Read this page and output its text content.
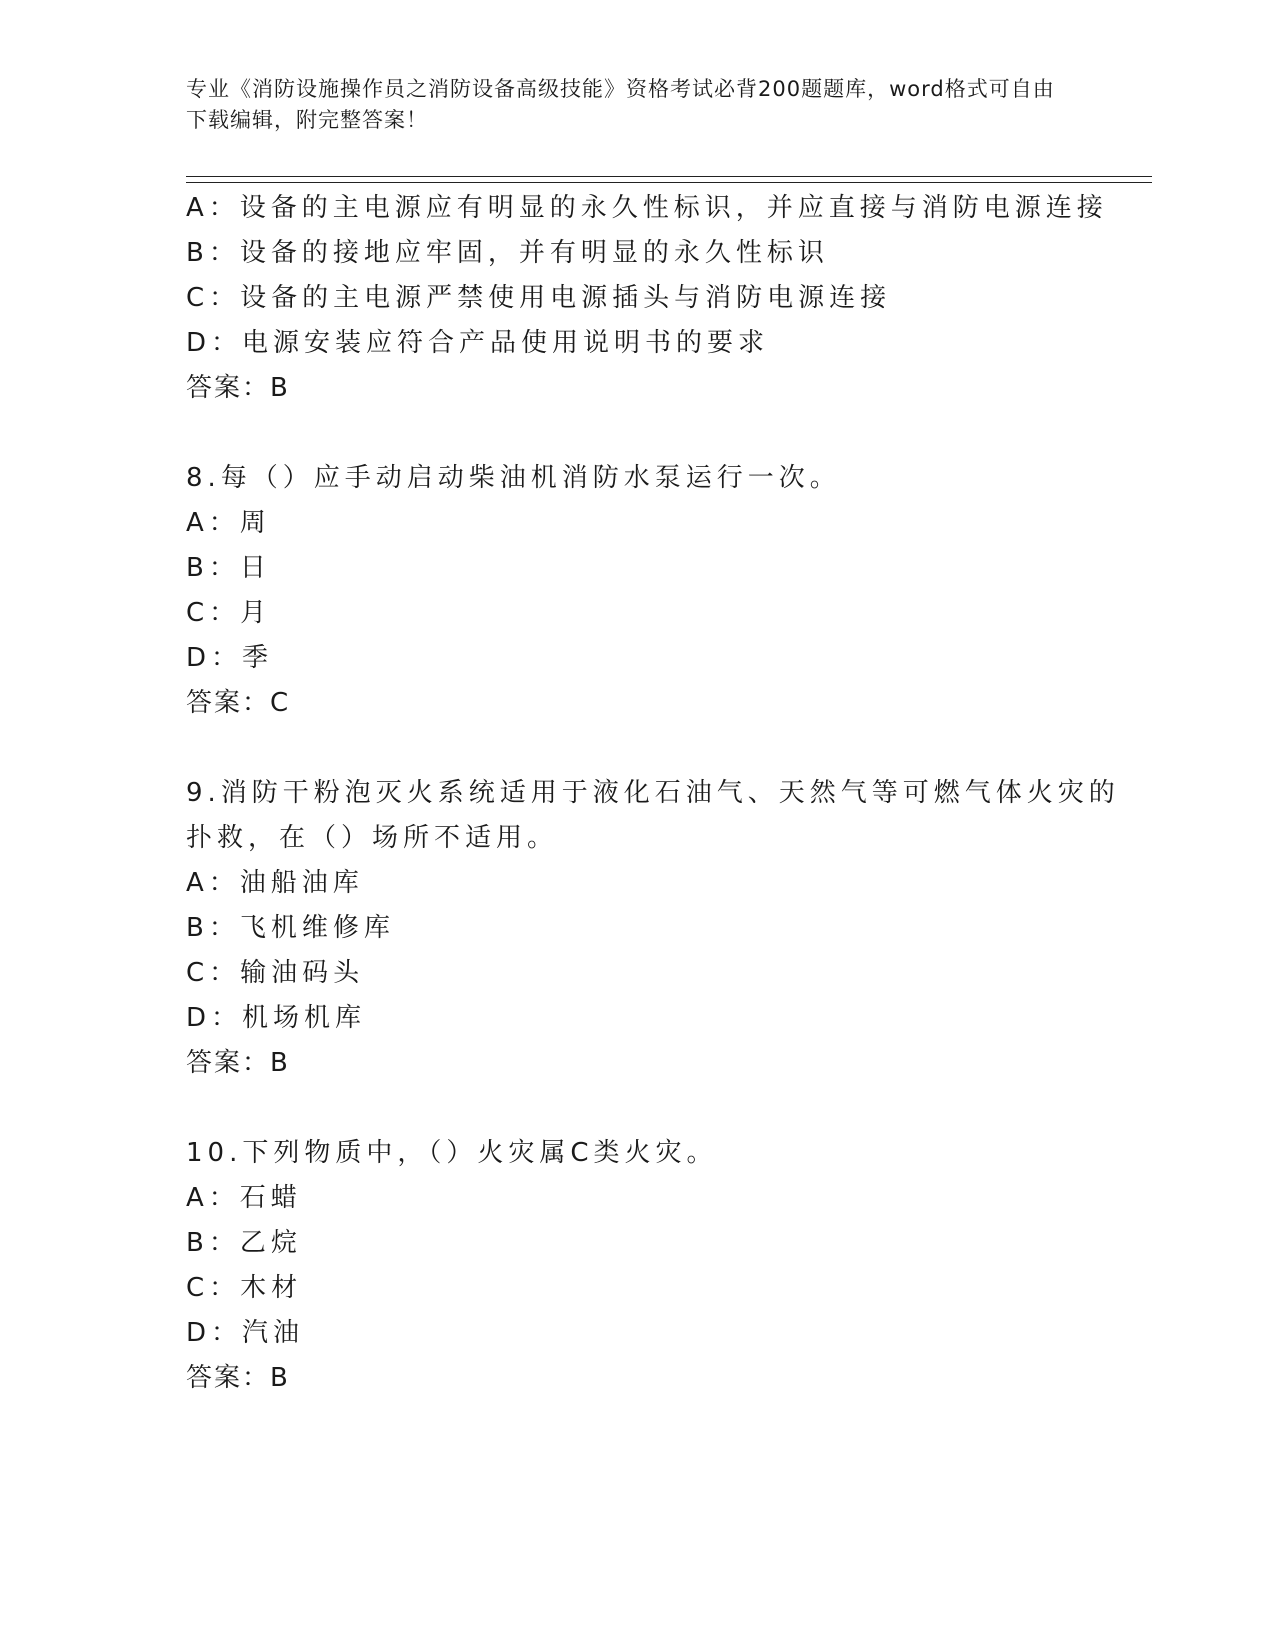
专业《消防设施操作员之消防设备高级技能》资格考试必背200题题库，word格式可自由下载编辑，附完整答案！
A：设备的主电源应有明显的永久性标识，并应直接与消防电源连接
B：设备的接地应牢固，并有明显的永久性标识
C：设备的主电源严禁使用电源插头与消防电源连接
D：电源安装应符合产品使用说明书的要求
答案：B
8.每（）应手动启动柴油机消防水泵运行一次。
A：周
B：日
C：月
D：季
答案：C
9.消防干粉泡灭火系统适用于液化石油气、天然气等可燃气体火灾的
扑救，在（）场所不适用。
A：油船油库
B：飞机维修库
C：输油码头
D：机场机库
答案：B
10.下列物质中，（）火灾属C类火灾。
A：石蜡
B：乙烷
C：木材
D：汽油
答案：B
